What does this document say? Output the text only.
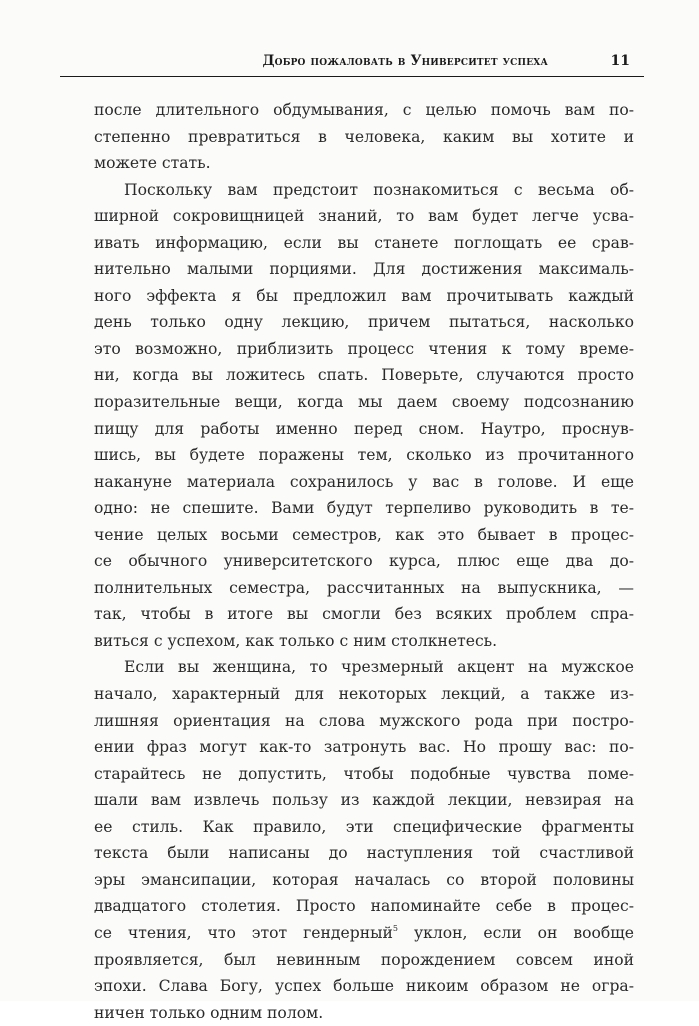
Добро пожаловать в Университет успеха	11
после длительного обдумывания, с целью помочь вам по-
степенно превратиться в человека, каким вы хотите и
можете стать.
Поскольку вам предстоит познакомиться с весьма об-
ширной сокровищницей знаний, то вам будет легче усва-
ивать информацию, если вы станете поглощать ее срав-
нительно малыми порциями. Для достижения максималь-
ного эффекта я бы предложил вам прочитывать каждый
день только одну лекцию, причем пытаться, насколько
это возможно, приблизить процесс чтения к тому време-
ни, когда вы ложитесь спать. Поверьте, случаются просто
поразительные вещи, когда мы даем своему подсознанию
пищу для работы именно перед сном. Наутро, проснув-
шись, вы будете поражены тем, сколько из прочитанного
накануне материала сохранилось у вас в голове. И еще
одно: не спешите. Вами будут терпеливо руководить в те-
чение целых восьми семестров, как это бывает в процес-
се обычного университетского курса, плюс еще два до-
полнительных семестра, рассчитанных на выпускника, —
так, чтобы в итоге вы смогли без всяких проблем спра-
виться с успехом, как только с ним столкнетесь.
Если вы женщина, то чрезмерный акцент на мужское
начало, характерный для некоторых лекций, а также из-
лишняя ориентация на слова мужского рода при постро-
ении фраз могут как-то затронуть вас. Но прошу вас: по-
старайтесь не допустить, чтобы подобные чувства поме-
шали вам извлечь пользу из каждой лекции, невзирая на
ее стиль. Как правило, эти специфические фрагменты
текста были написаны до наступления той счастливой
эры эмансипации, которая началась со второй половины
двадцатого столетия. Просто напоминайте себе в процес-
се чтения, что этот гендерный$^5$ уклон, если он вообще
проявляется, был невинным порождением совсем иной
эпохи. Слава Богу, успех больше никоим образом не огра-
ничен только одним полом.
